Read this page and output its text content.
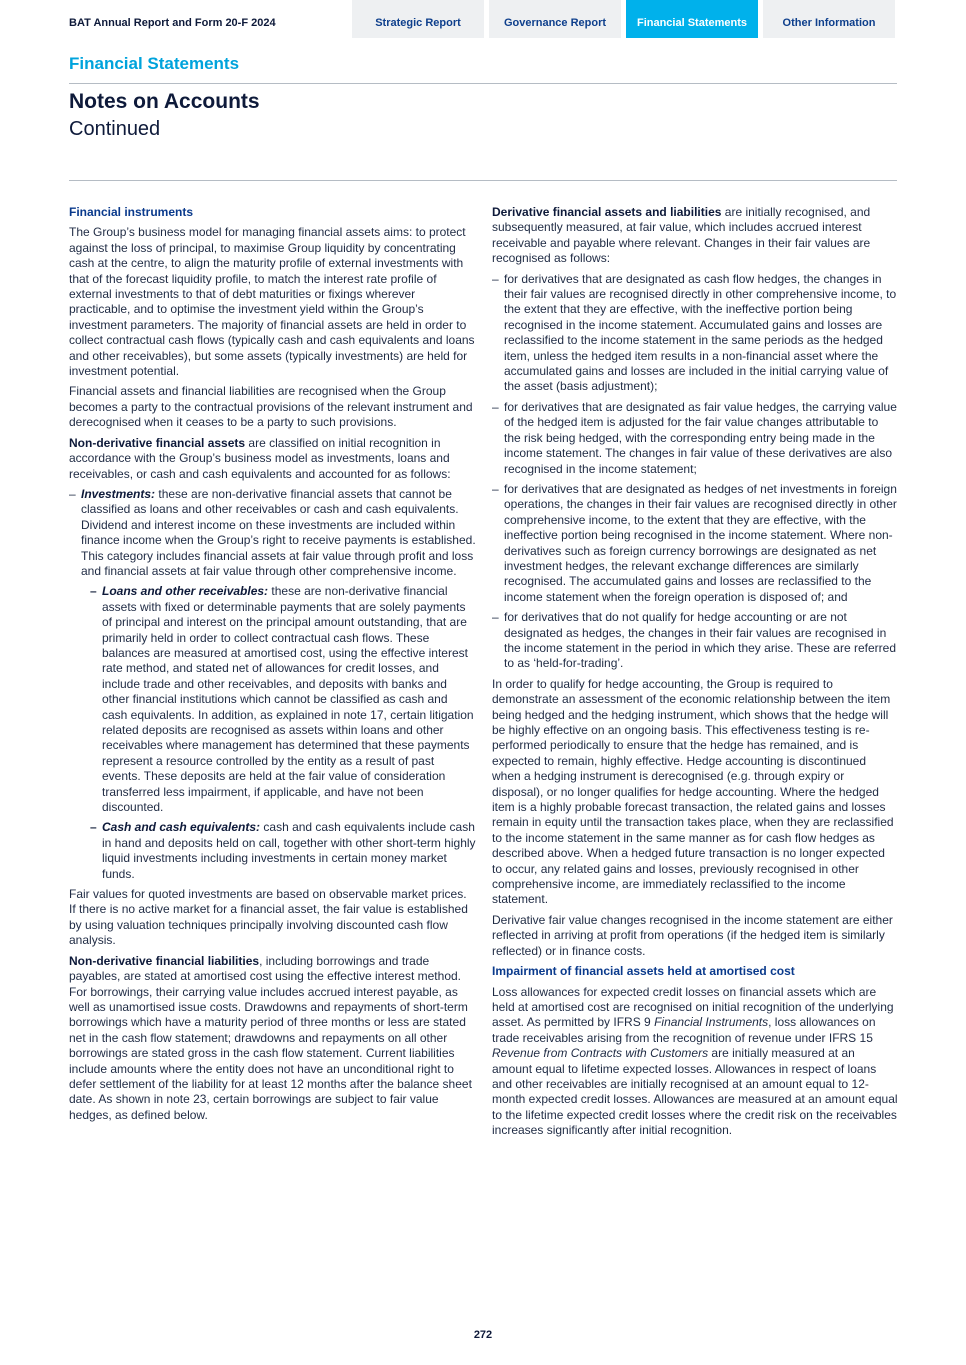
BAT Annual Report and Form 20-F 2024	Strategic Report	Governance Report	Financial Statements	Other Information
Financial Statements
Notes on Accounts
Continued

Financial instruments

The Group’s business model for managing financial assets aims: to protect against the loss of principal, to maximise Group liquidity by concentrating cash at the centre, to align the maturity profile of external investments with that of the forecast liquidity profile, to match the interest rate profile of external investments to that of debt maturities or fixings wherever practicable, and to optimise the investment yield within the Group’s investment parameters. The majority of financial assets are held in order to collect contractual cash flows (typically cash and cash equivalents and loans and other receivables), but some assets (typically investments) are held for investment potential.

Financial assets and financial liabilities are recognised when the Group becomes a party to the contractual provisions of the relevant instrument and derecognised when it ceases to be a party to such provisions.

Non-derivative financial assets are classified on initial recognition in accordance with the Group’s business model as investments, loans and receivables, or cash and cash equivalents and accounted for as follows:

– Investments: these are non-derivative financial assets that cannot be classified as loans and other receivables or cash and cash equivalents. Dividend and interest income on these investments are included within finance income when the Group’s right to receive payments is established. This category includes financial assets at fair value through profit and loss and financial assets at fair value through other comprehensive income.
– Loans and other receivables: these are non-derivative financial assets with fixed or determinable payments that are solely payments of principal and interest on the principal amount outstanding, that are primarily held in order to collect contractual cash flows. These balances are measured at amortised cost, using the effective interest rate method, and stated net of allowances for credit losses, and include trade and other receivables, and deposits with banks and other financial institutions which cannot be classified as cash and cash equivalents. In addition, as explained in note 17, certain litigation related deposits are recognised as assets within loans and other receivables where management has determined that these payments represent a resource controlled by the entity as a result of past events. These deposits are held at the fair value of consideration transferred less impairment, if applicable, and have not been discounted.
– Cash and cash equivalents: cash and cash equivalents include cash in hand and deposits held on call, together with other short-term highly liquid investments including investments in certain money market funds.

Fair values for quoted investments are based on observable market prices. If there is no active market for a financial asset, the fair value is established by using valuation techniques principally involving discounted cash flow analysis.

Non-derivative financial liabilities, including borrowings and trade payables, are stated at amortised cost using the effective interest method. For borrowings, their carrying value includes accrued interest payable, as well as unamortised issue costs. Drawdowns and repayments of short-term borrowings which have a maturity period of three months or less are stated net in the cash flow statement; drawdowns and repayments on all other borrowings are stated gross in the cash flow statement. Current liabilities include amounts where the entity does not have an unconditional right to defer settlement of the liability for at least 12 months after the balance sheet date. As shown in note 23, certain borrowings are subject to fair value hedges, as defined below.

Derivative financial assets and liabilities are initially recognised, and subsequently measured, at fair value, which includes accrued interest receivable and payable where relevant. Changes in their fair values are recognised as follows:

– for derivatives that are designated as cash flow hedges, the changes in their fair values are recognised directly in other comprehensive income, to the extent that they are effective, with the ineffective portion being recognised in the income statement. Accumulated gains and losses are reclassified to the income statement in the same periods as the hedged item, unless the hedged item results in a non-financial asset where the accumulated gains and losses are included in the initial carrying value of the asset (basis adjustment);
– for derivatives that are designated as fair value hedges, the carrying value of the hedged item is adjusted for the fair value changes attributable to the risk being hedged, with the corresponding entry being made in the income statement. The changes in fair value of these derivatives are also recognised in the income statement;
– for derivatives that are designated as hedges of net investments in foreign operations, the changes in their fair values are recognised directly in other comprehensive income, to the extent that they are effective, with the ineffective portion being recognised in the income statement. Where non-derivatives such as foreign currency borrowings are designated as net investment hedges, the relevant exchange differences are similarly recognised. The accumulated gains and losses are reclassified to the income statement when the foreign operation is disposed of; and
– for derivatives that do not qualify for hedge accounting or are not designated as hedges, the changes in their fair values are recognised in the income statement in the period in which they arise. These are referred to as ‘held-for-trading’.

In order to qualify for hedge accounting, the Group is required to demonstrate an assessment of the economic relationship between the item being hedged and the hedging instrument, which shows that the hedge will be highly effective on an ongoing basis. This effectiveness testing is re-performed periodically to ensure that the hedge has remained, and is expected to remain, highly effective. Hedge accounting is discontinued when a hedging instrument is derecognised (e.g. through expiry or disposal), or no longer qualifies for hedge accounting. Where the hedged item is a highly probable forecast transaction, the related gains and losses remain in equity until the transaction takes place, when they are reclassified to the income statement in the same manner as for cash flow hedges as described above. When a hedged future transaction is no longer expected to occur, any related gains and losses, previously recognised in other comprehensive income, are immediately reclassified to the income statement.

Derivative fair value changes recognised in the income statement are either reflected in arriving at profit from operations (if the hedged item is similarly reflected) or in finance costs.

Impairment of financial assets held at amortised cost

Loss allowances for expected credit losses on financial assets which are held at amortised cost are recognised on initial recognition of the underlying asset. As permitted by IFRS 9 Financial Instruments, loss allowances on trade receivables arising from the recognition of revenue under IFRS 15 Revenue from Contracts with Customers are initially measured at an amount equal to lifetime expected losses. Allowances in respect of loans and other receivables are initially recognised at an amount equal to 12-month expected credit losses. Allowances are measured at an amount equal to the lifetime expected credit losses where the credit risk on the receivables increases significantly after initial recognition.

272
